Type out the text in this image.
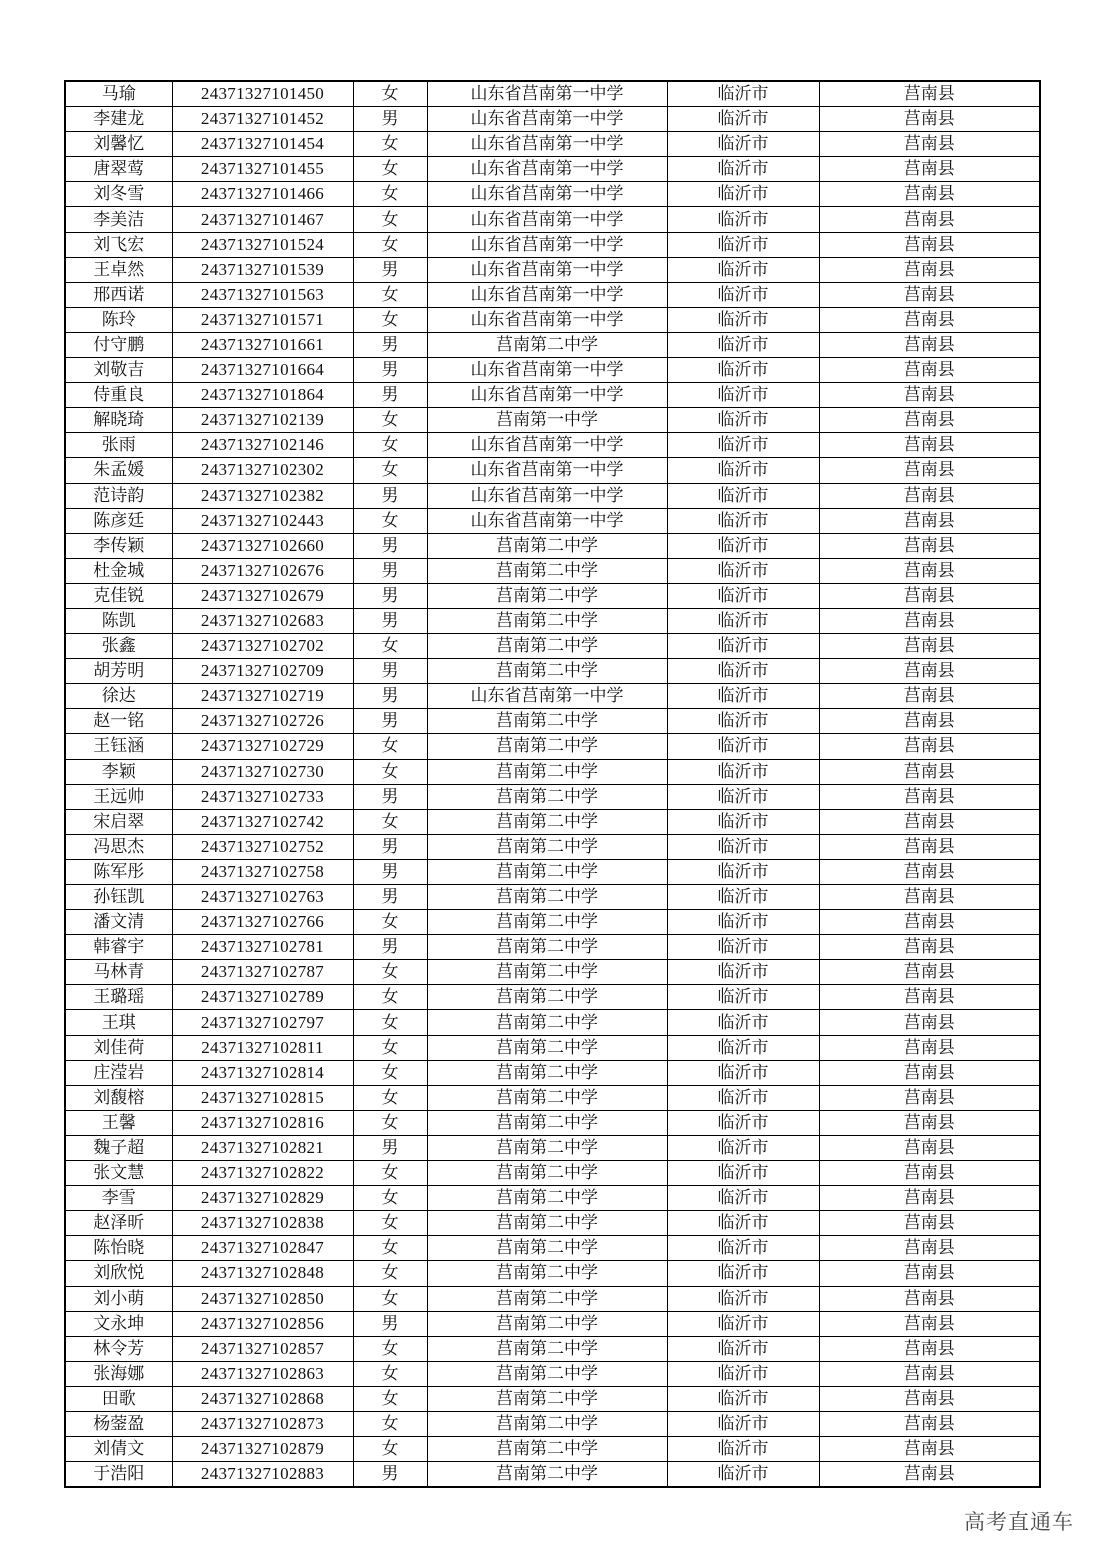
马瑜	24371327101450	女	山东省莒南第一中学	临沂市	莒南县
李建龙	24371327101452	男	山东省莒南第一中学	临沂市	莒南县
刘馨忆	24371327101454	女	山东省莒南第一中学	临沂市	莒南县
唐翠莺	24371327101455	女	山东省莒南第一中学	临沂市	莒南县
刘冬雪	24371327101466	女	山东省莒南第一中学	临沂市	莒南县
李美洁	24371327101467	女	山东省莒南第一中学	临沂市	莒南县
刘飞宏	24371327101524	女	山东省莒南第一中学	临沂市	莒南县
王卓然	24371327101539	男	山东省莒南第一中学	临沂市	莒南县
邢西诺	24371327101563	女	山东省莒南第一中学	临沂市	莒南县
陈玲	24371327101571	女	山东省莒南第一中学	临沂市	莒南县
付守鹏	24371327101661	男	莒南第二中学	临沂市	莒南县
刘敬吉	24371327101664	男	山东省莒南第一中学	临沂市	莒南县
侍重良	24371327101864	男	山东省莒南第一中学	临沂市	莒南县
解晓琦	24371327102139	女	莒南第一中学	临沂市	莒南县
张雨	24371327102146	女	山东省莒南第一中学	临沂市	莒南县
朱孟媛	24371327102302	女	山东省莒南第一中学	临沂市	莒南县
范诗韵	24371327102382	男	山东省莒南第一中学	临沂市	莒南县
陈彦廷	24371327102443	女	山东省莒南第一中学	临沂市	莒南县
李传颖	24371327102660	男	莒南第二中学	临沂市	莒南县
杜金城	24371327102676	男	莒南第二中学	临沂市	莒南县
克佳锐	24371327102679	男	莒南第二中学	临沂市	莒南县
陈凯	24371327102683	男	莒南第二中学	临沂市	莒南县
张鑫	24371327102702	女	莒南第二中学	临沂市	莒南县
胡芳明	24371327102709	男	莒南第二中学	临沂市	莒南县
徐达	24371327102719	男	山东省莒南第一中学	临沂市	莒南县
赵一铭	24371327102726	男	莒南第二中学	临沂市	莒南县
王钰涵	24371327102729	女	莒南第二中学	临沂市	莒南县
李颖	24371327102730	女	莒南第二中学	临沂市	莒南县
王远帅	24371327102733	男	莒南第二中学	临沂市	莒南县
宋启翠	24371327102742	女	莒南第二中学	临沂市	莒南县
冯思杰	24371327102752	男	莒南第二中学	临沂市	莒南县
陈军彤	24371327102758	男	莒南第二中学	临沂市	莒南县
孙钰凯	24371327102763	男	莒南第二中学	临沂市	莒南县
潘文清	24371327102766	女	莒南第二中学	临沂市	莒南县
韩睿宇	24371327102781	男	莒南第二中学	临沂市	莒南县
马林青	24371327102787	女	莒南第二中学	临沂市	莒南县
王璐瑶	24371327102789	女	莒南第二中学	临沂市	莒南县
王琪	24371327102797	女	莒南第二中学	临沂市	莒南县
刘佳荷	24371327102811	女	莒南第二中学	临沂市	莒南县
庄滢岩	24371327102814	女	莒南第二中学	临沂市	莒南县
刘馥榕	24371327102815	女	莒南第二中学	临沂市	莒南县
王馨	24371327102816	女	莒南第二中学	临沂市	莒南县
魏子超	24371327102821	男	莒南第二中学	临沂市	莒南县
张文慧	24371327102822	女	莒南第二中学	临沂市	莒南县
李雪	24371327102829	女	莒南第二中学	临沂市	莒南县
赵泽昕	24371327102838	女	莒南第二中学	临沂市	莒南县
陈怡晓	24371327102847	女	莒南第二中学	临沂市	莒南县
刘欣悦	24371327102848	女	莒南第二中学	临沂市	莒南县
刘小萌	24371327102850	女	莒南第二中学	临沂市	莒南县
文永坤	24371327102856	男	莒南第二中学	临沂市	莒南县
林令芳	24371327102857	女	莒南第二中学	临沂市	莒南县
张海娜	24371327102863	女	莒南第二中学	临沂市	莒南县
田歌	24371327102868	女	莒南第二中学	临沂市	莒南县
杨蓥盈	24371327102873	女	莒南第二中学	临沂市	莒南县
刘倩文	24371327102879	女	莒南第二中学	临沂市	莒南县
于浩阳	24371327102883	男	莒南第二中学	临沂市	莒南县
高考直通车
